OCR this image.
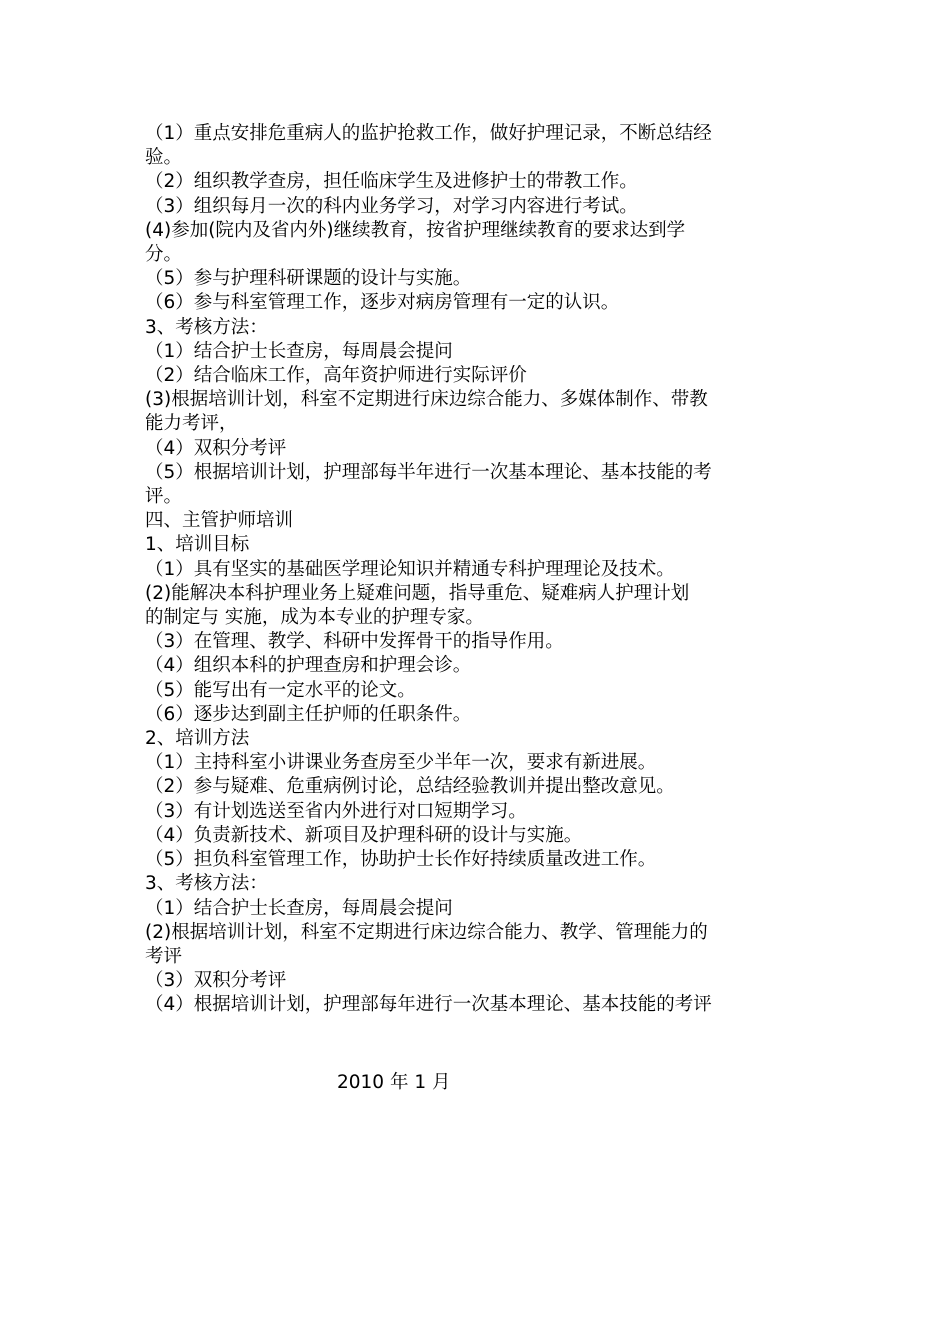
（1）重点安排危重病人的监护抢救工作，做好护理记录，不断总结经

验。

（2）组织教学查房，担任临床学生及进修护士的带教工作。

（3）组织每月一次的科内业务学习，对学习内容进行考试。

(4)参加(院内及省内外)继续教育，按省护理继续教育的要求达到学

分。

（5）参与护理科研课题的设计与实施。

（6）参与科室管理工作，逐步对病房管理有一定的认识。

3、考核方法：

（1）结合护士长查房，每周晨会提问

（2）结合临床工作，高年资护师进行实际评价

(3)根据培训计划，科室不定期进行床边综合能力、多媒体制作、带教

能力考评，

（4）双积分考评

（5）根据培训计划，护理部每半年进行一次基本理论、基本技能的考

评。

四、主管护师培训

1、培训目标

（1）具有坚实的基础医学理论知识并精通专科护理理论及技术。

(2)能解决本科护理业务上疑难问题，指导重危、疑难病人护理计划

的制定与 实施，成为本专业的护理专家。

（3）在管理、教学、科研中发挥骨干的指导作用。

（4）组织本科的护理查房和护理会诊。

（5）能写出有一定水平的论文。

（6）逐步达到副主任护师的任职条件。

2、培训方法

（1）主持科室小讲课业务查房至少半年一次，要求有新进展。

（2）参与疑难、危重病例讨论，总结经验教训并提出整改意见。

（3）有计划选送至省内外进行对口短期学习。

（4）负责新技术、新项目及护理科研的设计与实施。

（5）担负科室管理工作，协助护士长作好持续质量改进工作。

3、考核方法：

（1）结合护士长查房，每周晨会提问

(2)根据培训计划，科室不定期进行床边综合能力、教学、管理能力的

考评

（3）双积分考评

（4）根据培训计划，护理部每年进行一次基本理论、基本技能的考评

2010 年 1 月
